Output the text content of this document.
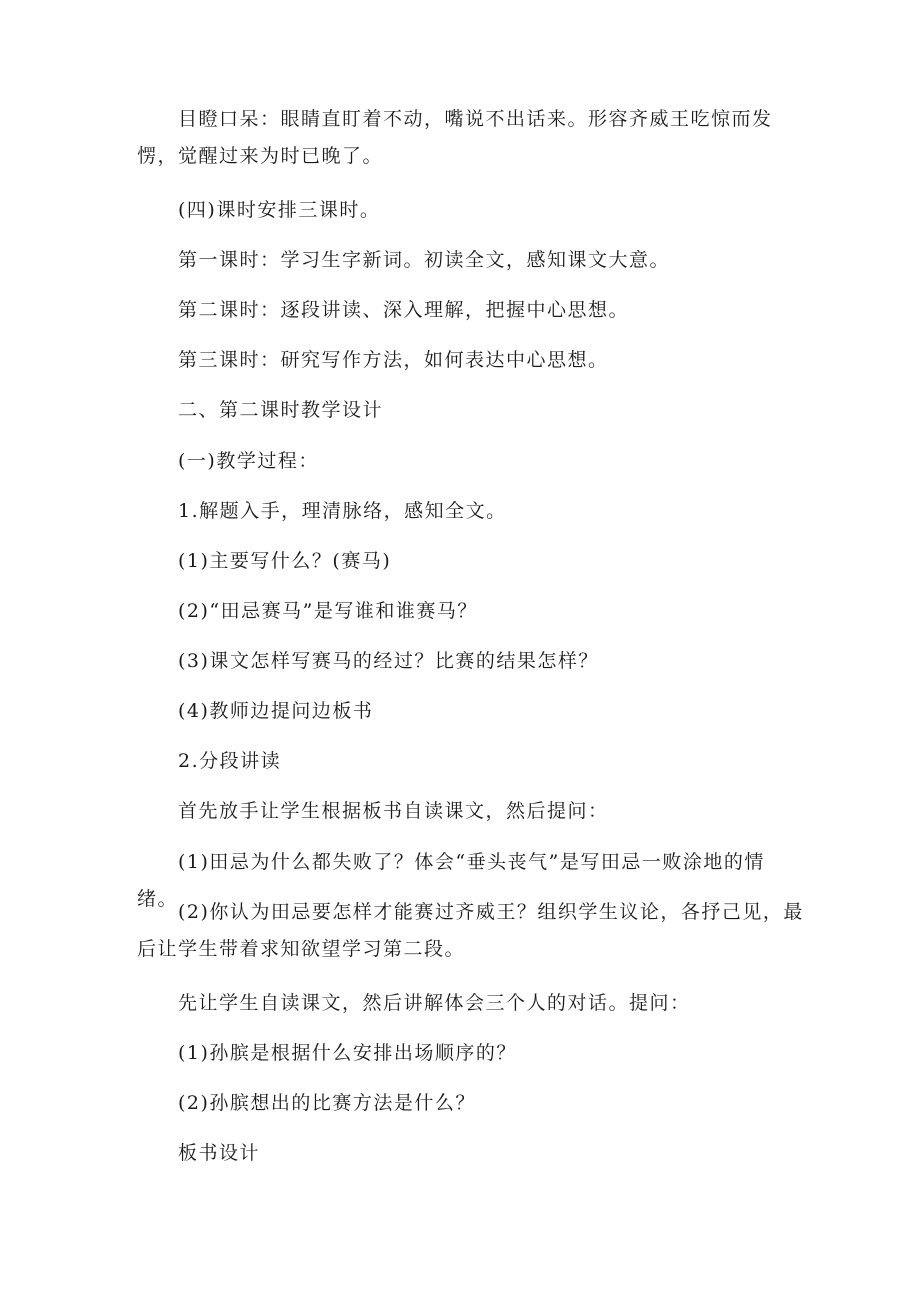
目瞪口呆：眼睛直盯着不动，嘴说不出话来。形容齐威王吃惊而发愣，觉醒过来为时已晚了。

(四)课时安排三课时。

第一课时：学习生字新词。初读全文，感知课文大意。

第二课时：逐段讲读、深入理解，把握中心思想。

第三课时：研究写作方法，如何表达中心思想。

二、第二课时教学设计

(一)教学过程：

1.解题入手，理清脉络，感知全文。

(1)主要写什么？(赛马)

(2)“田忌赛马”是写谁和谁赛马？

(3)课文怎样写赛马的经过？比赛的结果怎样？

(4)教师边提问边板书

2.分段讲读

首先放手让学生根据板书自读课文，然后提问：

(1)田忌为什么都失败了？体会“垂头丧气”是写田忌一败涂地的情绪。

(2)你认为田忌要怎样才能赛过齐威王？组织学生议论，各抒己见，最后让学生带着求知欲望学习第二段。

先让学生自读课文，然后讲解体会三个人的对话。提问：

(1)孙膑是根据什么安排出场顺序的？

(2)孙膑想出的比赛方法是什么？

板书设计
